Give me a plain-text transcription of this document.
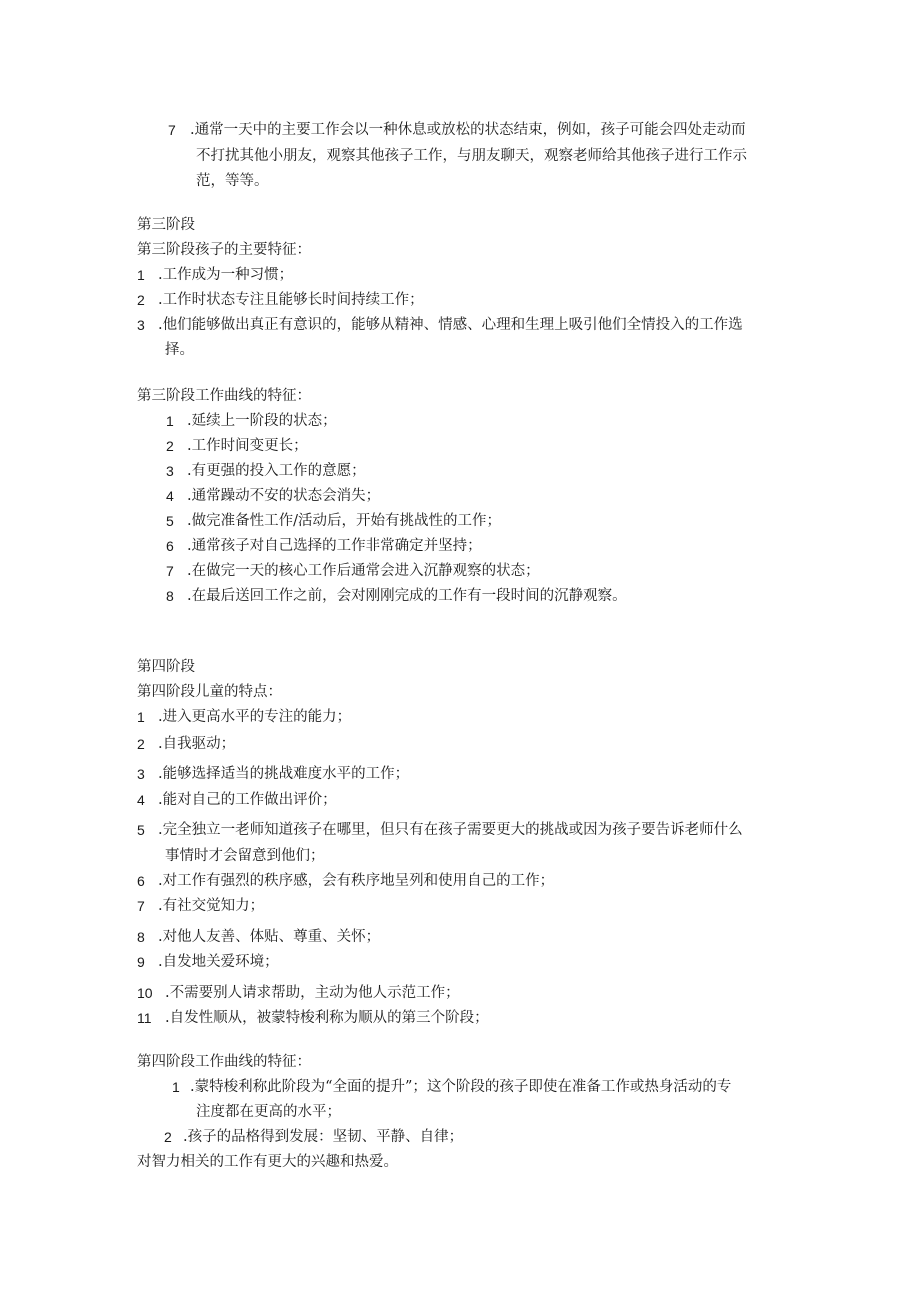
7 .通常一天中的主要工作会以一种休息或放松的状态结束，例如，孩子可能会四处走动而
不打扰其他小朋友，观察其他孩子工作，与朋友聊天，观察老师给其他孩子进行工作示
范，等等。
第三阶段
第三阶段孩子的主要特征：
1 .工作成为一种习惯；
2 .工作时状态专注且能够长时间持续工作；
3 .他们能够做出真正有意识的，能够从精神、情感、心理和生理上吸引他们全情投入的工作选
择。
第三阶段工作曲线的特征：
1 .延续上一阶段的状态；
2 .工作时间变更长；
3 .有更强的投入工作的意愿；
4 .通常躁动不安的状态会消失；
5 .做完准备性工作/活动后，开始有挑战性的工作；
6 .通常孩子对自己选择的工作非常确定并坚持；
7 .在做完一天的核心工作后通常会进入沉静观察的状态；
8 .在最后送回工作之前，会对刚刚完成的工作有一段时间的沉静观察。
第四阶段
第四阶段儿童的特点：
1 .进入更高水平的专注的能力；
2 .自我驱动；
3 .能够选择适当的挑战难度水平的工作；
4 .能对自己的工作做出评价；
5 .完全独立一老师知道孩子在哪里，但只有在孩子需要更大的挑战或因为孩子要告诉老师什么
事情时才会留意到他们；
6 .对工作有强烈的秩序感，会有秩序地呈列和使用自己的工作；
7 .有社交觉知力；
8 .对他人友善、体贴、尊重、关怀；
9 .自发地关爱环境；
10 .不需要别人请求帮助，主动为他人示范工作；
11 .自发性顺从，被蒙特梭利称为顺从的第三个阶段；
第四阶段工作曲线的特征：
1 .蒙特梭利称此阶段为“全面的提升”；这个阶段的孩子即使在准备工作或热身活动的专
注度都在更高的水平；
2 .孩子的品格得到发展：坚韧、平静、自律；
对智力相关的工作有更大的兴趣和热爱。
